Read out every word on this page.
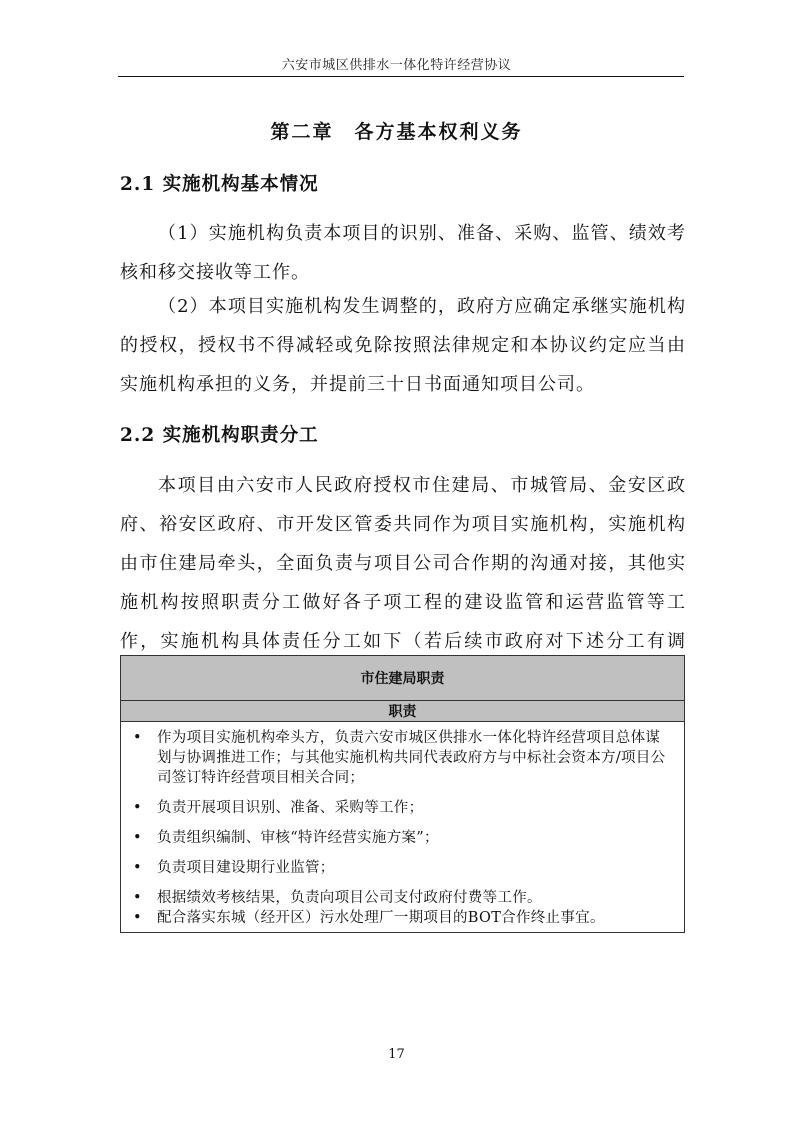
六安市城区供排水一体化特许经营协议
第二章　各方基本权利义务
2.1 实施机构基本情况

（1）实施机构负责本项目的识别、准备、采购、监管、绩效考核和移交接收等工作。

（2）本项目实施机构发生调整的，政府方应确定承继实施机构的授权，授权书不得减轻或免除按照法律规定和本协议约定应当由实施机构承担的义务，并提前三十日书面通知项目公司。

2.2 实施机构职责分工

本项目由六安市人民政府授权市住建局、市城管局、金安区政府、裕安区政府、市开发区管委共同作为项目实施机构，实施机构由市住建局牵头，全面负责与项目公司合作期的沟通对接，其他实施机构按照职责分工做好各子项工程的建设监管和运营监管等工作，实施机构具体责任分工如下（若后续市政府对下述分工有调

市住建局职责
职责
•	作为项目实施机构牵头方，负责六安市城区供排水一体化特许经营项目总体谋划与协调推进工作；与其他实施机构共同代表政府方与中标社会资本方/项目公司签订特许经营项目相关合同；
•	负责开展项目识别、准备、采购等工作；
•	负责组织编制、审核“特许经营实施方案”；
•	负责项目建设期行业监管；
•	根据绩效考核结果，负责向项目公司支付政府付费等工作。
•	配合落实东城（经开区）污水处理厂一期项目的BOT合作终止事宜。
17
